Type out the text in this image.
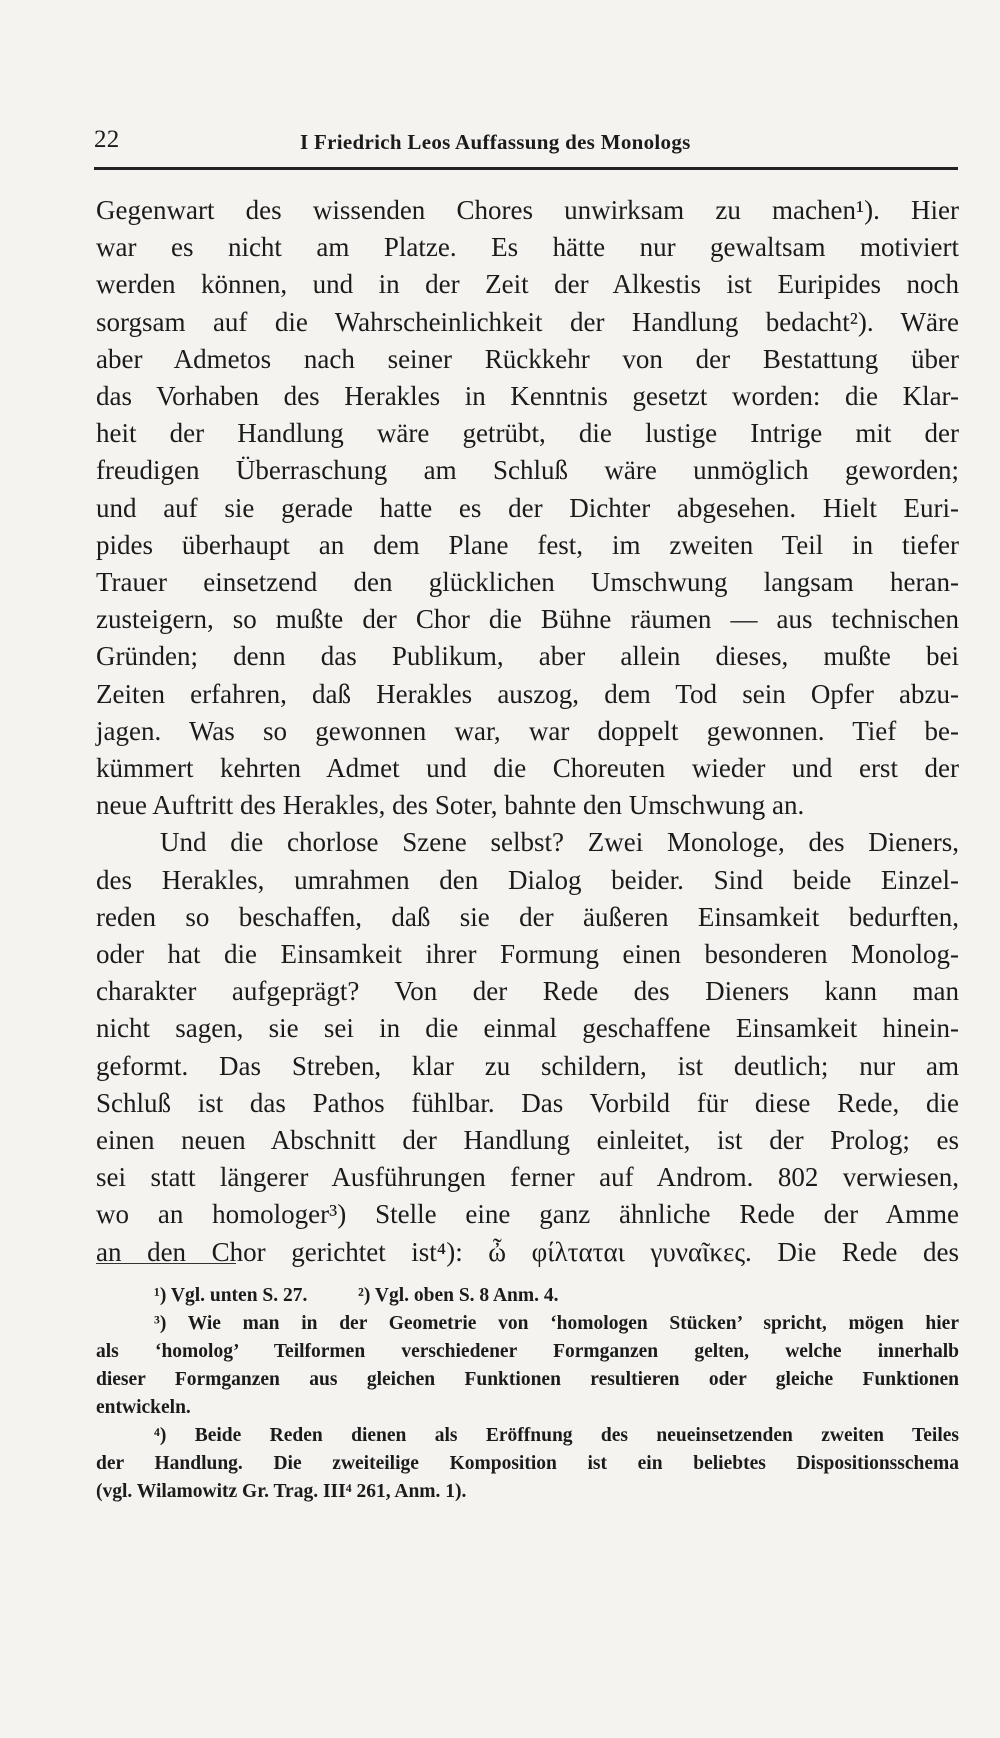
22	I Friedrich Leos Auffassung des Monologs
Gegenwart des wissenden Chores unwirksam zu machen¹). Hier
war es nicht am Platze. Es hätte nur gewaltsam motiviert
werden können, und in der Zeit der Alkestis ist Euripides noch
sorgsam auf die Wahrscheinlichkeit der Handlung bedacht²). Wäre
aber Admetos nach seiner Rückkehr von der Bestattung über
das Vorhaben des Herakles in Kenntnis gesetzt worden: die Klar-
heit der Handlung wäre getrübt, die lustige Intrige mit der
freudigen Überraschung am Schluß wäre unmöglich geworden;
und auf sie gerade hatte es der Dichter abgesehen. Hielt Euri-
pides überhaupt an dem Plane fest, im zweiten Teil in tiefer
Trauer einsetzend den glücklichen Umschwung langsam heran-
zusteigern, so mußte der Chor die Bühne räumen — aus technischen
Gründen; denn das Publikum, aber allein dieses, mußte bei
Zeiten erfahren, daß Herakles auszog, dem Tod sein Opfer abzu-
jagen. Was so gewonnen war, war doppelt gewonnen. Tief be-
kümmert kehrten Admet und die Choreuten wieder und erst der
neue Auftritt des Herakles, des Soter, bahnte den Umschwung an.
Und die chorlose Szene selbst? Zwei Monologe, des Dieners,
des Herakles, umrahmen den Dialog beider. Sind beide Einzel-
reden so beschaffen, daß sie der äußeren Einsamkeit bedurften,
oder hat die Einsamkeit ihrer Formung einen besonderen Monolog-
charakter aufgeprägt? Von der Rede des Dieners kann man
nicht sagen, sie sei in die einmal geschaffene Einsamkeit hinein-
geformt. Das Streben, klar zu schildern, ist deutlich; nur am
Schluß ist das Pathos fühlbar. Das Vorbild für diese Rede, die
einen neuen Abschnitt der Handlung einleitet, ist der Prolog; es
sei statt längerer Ausführungen ferner auf Androm. 802 verwiesen,
wo an homologer³) Stelle eine ganz ähnliche Rede der Amme
an den Chor gerichtet ist⁴): ὦ φίλταται γυναῖκες. Die Rede des
¹) Vgl. unten S. 27.	²) Vgl. oben S. 8 Anm. 4.
³) Wie man in der Geometrie von ‘homologen Stücken’ spricht, mögen hier
als ‘homolog’ Teilformen verschiedener Formganzen gelten, welche innerhalb
dieser Formganzen aus gleichen Funktionen resultieren oder gleiche Funktionen
entwickeln.
⁴) Beide Reden dienen als Eröffnung des neueinsetzenden zweiten Teiles
der Handlung. Die zweiteilige Komposition ist ein beliebtes Dispositionsschema
(vgl. Wilamowitz Gr. Trag. III⁴ 261, Anm. 1).
